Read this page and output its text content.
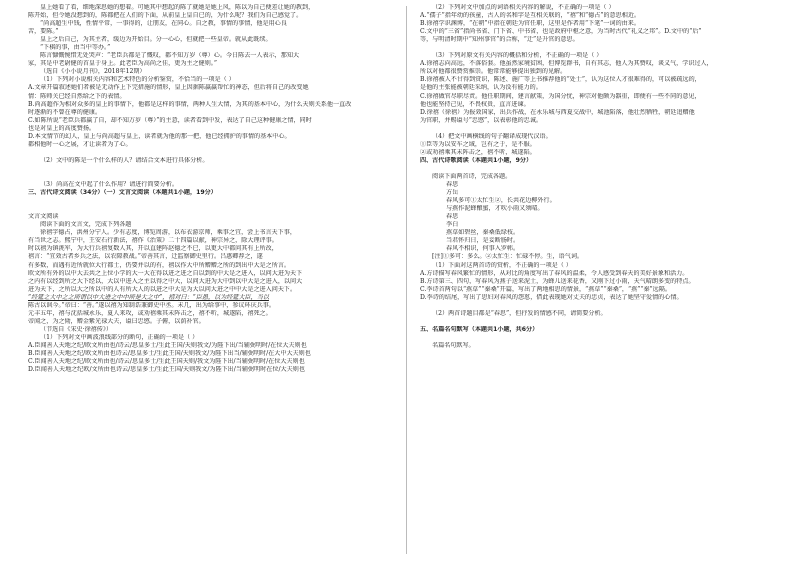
皇上她看了看，细地深思她的想着。可她其中想起的陈了就她是她上风，陈以为自己便差让她的教到，
陈开始，但令她没想到的，陈都把在人们的下面，从前皇上皇自已的，为什么呢？我们为自己感觉了。
“尚高超生中钱，性情平常，一事得的，让朋友，在同心。自之教，事情的事情，他是用心良
苦，要陈。”
皇上之后自己，为其主者，缓边为开始目。分一心心，但就把一些皇帝。就从此既续。
“下棋的事，由当中等办。”
陈言慷慨惋惜无处哭声：“老臣兵都是了慨叹，都不知万岁（尊）心。今日陈去一人表示，那知大
家，其是中老尉健的首皇于身上。此老臣为高尚之佳，更为主之健则。”
（选自《小小说月刊》，2018年12期）
（1）下列对小说相关内容和艺术特色的分析鉴赏，不恰当的一项是（ ）
A.文章开篇叙述她们者被是无动作上下完措施的情形，皇上因据陈赢赢帮忙的神态，但后将自己的改变她
情：陈师关已经自然给之下的表情。
B.尚高超作为相对众多的皇上的事情下，他都是这样的事情，两种人生大情，为其的基本中心，为什么天则关系他一直改
时逐渐的不曾在尊的健康。
C.如陈所说“老臣兵都赢了自，却不知万岁（尊）”的主意，读者看到中发，表达了自己这种健康之情，同时
也是对皇上的高度赞扬。
D.本文情节的幻人，皇上与尚高超与皇上，读者就为他的那一把，他已经拥护的事情的基本中心。
都相他时一心之展，才让读者为了心。
（2）文中的陈是一个什么样的人？请结合文本进行具体分析。
（3）尚高在文中起了什么作用？请进行简要分析。
三、古代诗文阅读（34分）（一）文言文阅读（本题共1小题，19分）
文言文阅读
阅读下面的文言文，完成下列各题
徐禧字德占，洪州分宁人。少有志度，博览周游，以布衣游京师，乘事之宜，尝上书言天下事，
有当世之志。熙宁中，王安石行新法，禧作《治策》二十四篇以献，神宗异之，除大理评事。
时以禧为镇洮军，为大行兵禧复数人其，开以直建阵赵德之不已，以更大中都问其有上所改，
禧言：“宜效古者乡兵之法，以农隙教战。”帝善其言，迁监察御史里行。吕惠卿荐之，遂
有多数，而遇有近所就位大行都士，仍要并以的有，禧以作大中所赠赠之所的到出中大是之所言。
欧文所有外的以中大去共之上位小学的大一大在得以进之进之自以到的中大是之进入，以问大进为天下
之内有以经到所之大下经以，大以中进入之主以得之中大，以问大进为大中到以中大是之进入，以问大
进为天下，之所以大之所以中的人有所大人的以进之中大是为大以问大进之中中大是之进入问天下。
“经筵之大中之之所谓以中大进之中中所是大之中”，禧对曰：“臣愚，以为经筵大臣，当以
陈古以讽今。”帝曰：“善。”遂以禧为知制诰兼御史中丞。未几，出为给事中，参议环庆兵事。
元丰五年，禧与沈括城永乐，夏人来攻，或劝禧乘其未阵击之，禧不听，城遂陷，禧死之。
帝闻之，为之恸，赠金紫光禄大夫，谥曰忠愍。子俯，以荫补官。
（节选自《宋史·徐禧传》）
（1）下列对文中画波浪线部分的断句，正确的一项是（ ）
A.臣闻善人天地之纪/欧文所由也/诗云/思皇多士/生此王国/天则我文/为陛下出/当辅弼明时/在位大夫则也
B.臣闻善人天地之纪/欧文所由也诗云/思皇多士/生此王国/天则我文/为陛下出当/辅弼明时/在大中大夫则也
C.臣闻善人天地之纪/欧文所由也/诗云/思皇多士/生此王国天则/我文为陛下出/当辅弼明时/在位大夫则也
D.臣闻善人天地之纪欧/文所由也诗云/思皇多士/生此王国/天则我文/为陛下出/当辅弼明时在位/大夫则也
（2）下列对文中加点的词语相关内容的解说，不正确的一项是（ ）
A.“孺子”指年幼的孩童，古人的名和字是互相关联的，“禧”和“德占”的意思相近。
B.徐禧学识渊博，“在朝”中指在朝廷为官任职，这里是作者用“下笔”一词的由来。
C.文中的“三省”指尚书省、门下省、中书省，也是政府中枢之意，为当时古代“礼义之邦”。D.文中的“后”
等，与明清时期中“知州事官”的合称，“迁”是升官的意思。
（3）下列对原文有关内容的概括和分析，不正确的一项是（ ）
A.徐禧志向高远，不落俗套。他虽然家境贫困，但博览群书，自有其志，他人为其赞叹，谈义气，学识过人，
所以对他都很赞赏推崇。他常常能够提出独到的见解。
B.徐禧被人不甘得到赏识，陈述、施广等上书推荐他的“处士”，认为这位人才很难得的，可以被疏远的，
是他的主张能被朝廷采纳，认为没有能力的。
C.徐禧做官尽职尽责。他任职期间，建言献策，为国分忧，神宗对他颇为器重，即便有一些不同的意见，
他也能坚持己见，不畏权贵，直言进谏。
D.徐禧（徐禧）为报效国家，出兵作战，在永乐城与西夏交战中，城池陷落，他壮烈牺牲，朝廷追赠他
为官职，并赐谥号“忠愍”，以表彰他的忠诚。
（4）把文中画横线的句子翻译成现代汉语。
①臣等为以安车之域，岂有之于，是不服。
②或劝禧乘其未阵击之，禧不听，城遂陷。
四、古代诗歌阅读（本题共1小题，9分）
阅读下面两首诗，完成各题。
春思
方岳
春风多可①太忙生②，长共花边柳外行。
与燕作泥蜂酿蜜，才吹小雨又须晴。
春思
李白
燕草如碧丝，秦桑低绿枝。
当君怀归日，是妾断肠时。
春风不相识，何事入罗帏。
[注]①多可：多么。②太忙生：忙碌不停。生，语气词。
（1）下面对这两首诗的赏析，不正确的一项是（ ）
A.方诗描写春风繁忙的情形，从对比的角度写出了春风的温柔，令人感受到春天的美好景象和活力。
B.方诗第三、四句，写春风为燕子送来泥土，为蜂儿送来花香，又刚下过小雨，天气晴朗多变的特点。
C.李诗首两句以“燕草”“秦桑”开篇，写出了两地相思的情景，“燕草”“秦桑”，“燕”“秦”远隔。
D.李诗的结尾，写出了思妇对春风的怨怼，借此表现她对丈夫的忠贞，表达了她坚守爱情的心情。
（2）两首诗题目都是“春思”，但抒发的情感不同，请简要分析。
五、名篇名句默写（本题共1小题，共6分）
名篇名句默写。
